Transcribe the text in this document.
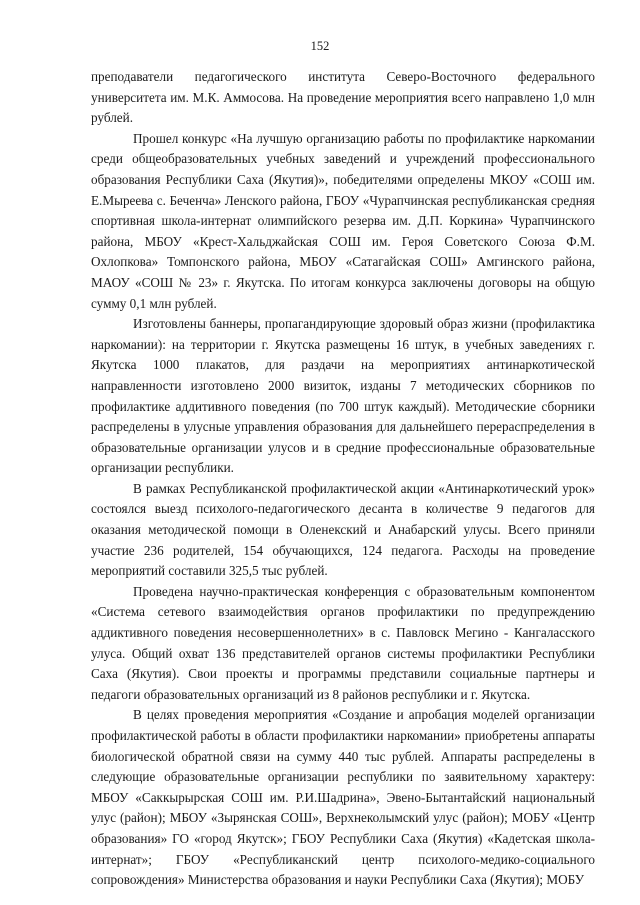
152

преподаватели педагогического института Северо-Восточного федерального университета им. М.К. Аммосова. На проведение мероприятия всего направлено 1,0 млн рублей.

Прошел конкурс «На лучшую организацию работы по профилактике наркомании среди общеобразовательных учебных заведений и учреждений профессионального образования Республики Саха (Якутия)», победителями определены МКОУ «СОШ им. Е.Мыреева с. Беченча» Ленского района, ГБОУ «Чурапчинская республиканская средняя спортивная школа-интернат олимпийского резерва им. Д.П. Коркина» Чурапчинского района, МБОУ «Крест-Хальджайская СОШ им. Героя Советского Союза Ф.М. Охлопкова» Томпонского района, МБОУ «Сатагайская СОШ» Амгинского района, МАОУ «СОШ № 23» г. Якутска. По итогам конкурса заключены договоры на общую сумму 0,1 млн рублей.

Изготовлены баннеры, пропагандирующие здоровый образ жизни (профилактика наркомании): на территории г. Якутска размещены 16 штук, в учебных заведениях г. Якутска 1000 плакатов, для раздачи на мероприятиях антинаркотической направленности изготовлено 2000 визиток, изданы 7 методических сборников по профилактике аддитивного поведения (по 700 штук каждый). Методические сборники распределены в улусные управления образования для дальнейшего перераспределения в образовательные организации улусов и в средние профессиональные образовательные организации республики.

В рамках Республиканской профилактической акции «Антинаркотический урок» состоялся выезд психолого-педагогического десанта в количестве 9 педагогов для оказания методической помощи в Оленекский и Анабарский улусы. Всего приняли участие 236 родителей, 154 обучающихся, 124 педагога. Расходы на проведение мероприятий составили 325,5 тыс рублей.

Проведена научно-практическая конференция с образовательным компонентом «Система сетевого взаимодействия органов профилактики по предупреждению аддиктивного поведения несовершеннолетних» в с. Павловск Мегино - Кангаласского улуса. Общий охват 136 представителей органов системы профилактики Республики Саха (Якутия). Свои проекты и программы представили социальные партнеры и педагоги образовательных организаций из 8 районов республики и г. Якутска.

В целях проведения мероприятия «Создание и апробация моделей организации профилактической работы в области профилактики наркомании» приобретены аппараты биологической обратной связи на сумму 440 тыс рублей. Аппараты распределены в следующие образовательные организации республики по заявительному характеру: МБОУ «Саккырырская СОШ им. Р.И.Шадрина», Эвено-Бытантайский национальный улус (район); МБОУ «Зырянская СОШ», Верхнеколымский улус (район); МОБУ «Центр образования» ГО «город Якутск»; ГБОУ Республики Саха (Якутия) «Кадетская школа-интернат»; ГБОУ «Республиканский центр психолого-медико-социального сопровождения» Министерства образования и науки Республики Саха (Якутия); МОБУ
